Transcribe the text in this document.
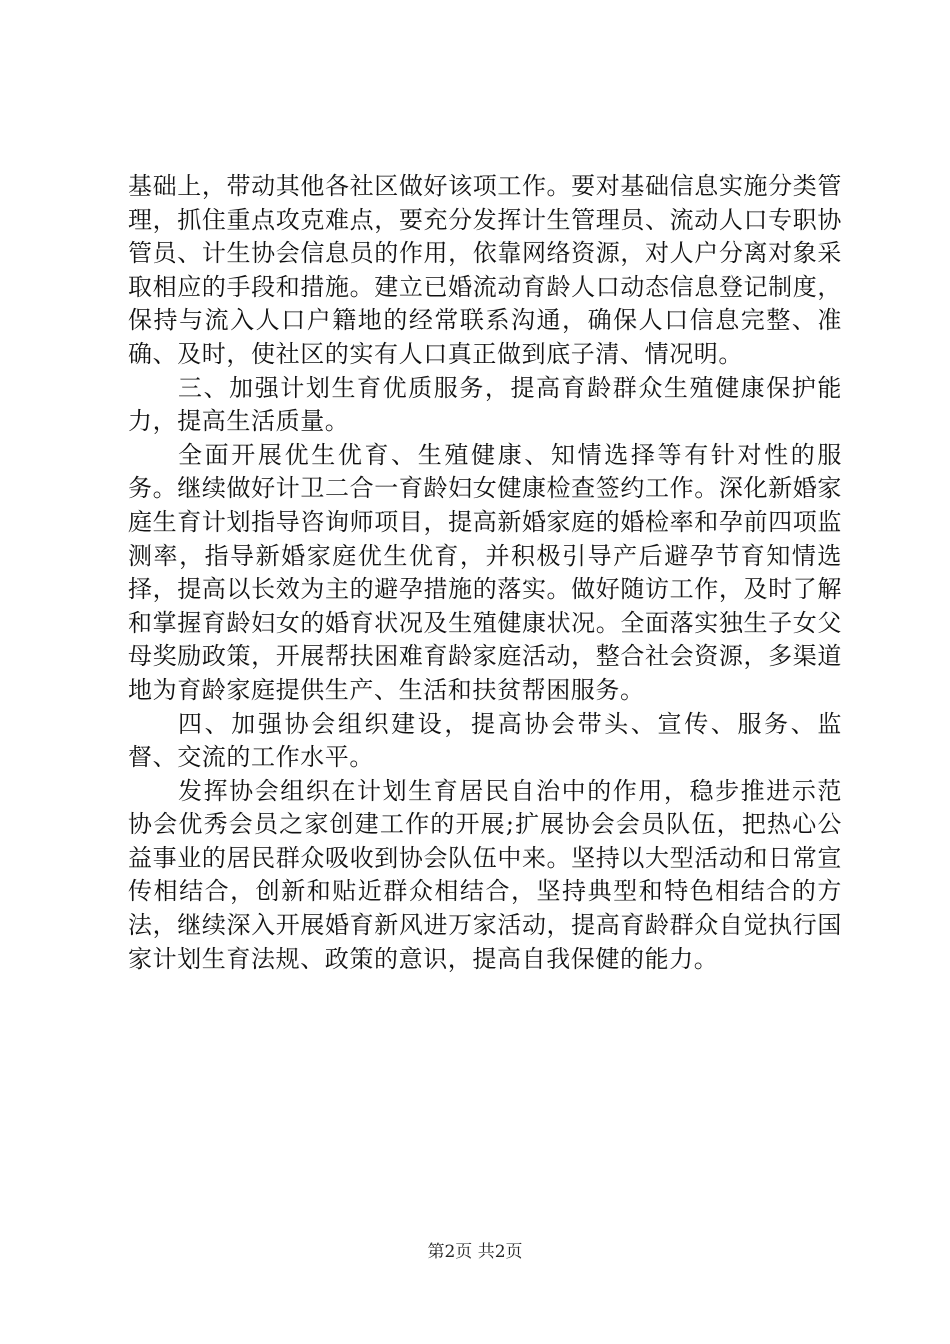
基础上，带动其他各社区做好该项工作。要对基础信息实施分类管理，抓住重点攻克难点，要充分发挥计生管理员、流动人口专职协管员、计生协会信息员的作用，依靠网络资源，对人户分离对象采取相应的手段和措施。建立已婚流动育龄人口动态信息登记制度，保持与流入人口户籍地的经常联系沟通，确保人口信息完整、准确、及时，使社区的实有人口真正做到底子清、情况明。

三、加强计划生育优质服务，提高育龄群众生殖健康保护能力，提高生活质量。

全面开展优生优育、生殖健康、知情选择等有针对性的服务。继续做好计卫二合一育龄妇女健康检查签约工作。深化新婚家庭生育计划指导咨询师项目，提高新婚家庭的婚检率和孕前四项监测率，指导新婚家庭优生优育，并积极引导产后避孕节育知情选择，提高以长效为主的避孕措施的落实。做好随访工作，及时了解和掌握育龄妇女的婚育状况及生殖健康状况。全面落实独生子女父母奖励政策，开展帮扶困难育龄家庭活动，整合社会资源，多渠道地为育龄家庭提供生产、生活和扶贫帮困服务。

四、加强协会组织建设，提高协会带头、宣传、服务、监督、交流的工作水平。

发挥协会组织在计划生育居民自治中的作用，稳步推进示范协会优秀会员之家创建工作的开展;扩展协会会员队伍，把热心公益事业的居民群众吸收到协会队伍中来。坚持以大型活动和日常宣传相结合，创新和贴近群众相结合，坚持典型和特色相结合的方法，继续深入开展婚育新风进万家活动，提高育龄群众自觉执行国家计划生育法规、政策的意识，提高自我保健的能力。

第2页 共2页
